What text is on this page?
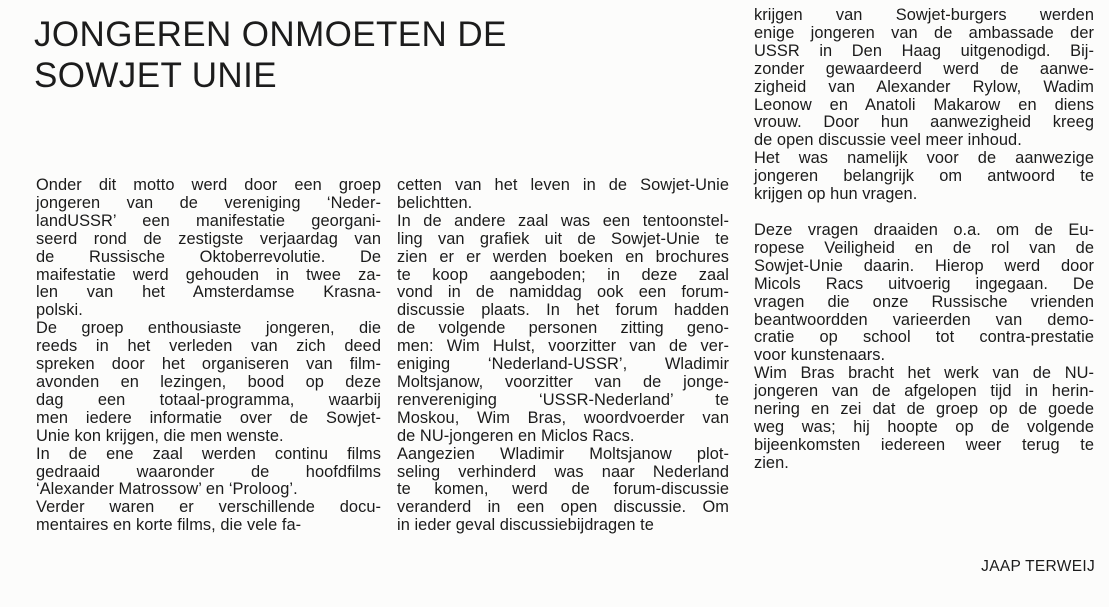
JONGEREN ONMOETEN DE
SOWJET UNIE
Onder dit motto werd door een groep
jongeren van de vereniging ‘Neder-
landUSSR’ een manifestatie georgani-
seerd rond de zestigste verjaardag van
de Russische Oktoberrevolutie. De
maifestatie werd gehouden in twee za-
len van het Amsterdamse Krasna-
polski.
De groep enthousiaste jongeren, die
reeds in het verleden van zich deed
spreken door het organiseren van film-
avonden en lezingen, bood op deze
dag een totaal-programma, waarbij
men iedere informatie over de Sowjet-
Unie kon krijgen, die men wenste.
In de ene zaal werden continu films
gedraaid waaronder de hoofdfilms
‘Alexander Matrossow’ en ‘Proloog’.
Verder waren er verschillende docu-
mentaires en korte films, die vele fa-
cetten van het leven in de Sowjet-Unie
belichtten.
In de andere zaal was een tentoonstel-
ling van grafiek uit de Sowjet-Unie te
zien er er werden boeken en brochures
te koop aangeboden; in deze zaal
vond in de namiddag ook een forum-
discussie plaats. In het forum hadden
de volgende personen zitting geno-
men: Wim Hulst, voorzitter van de ver-
eniging ‘Nederland-USSR’, Wladimir
Moltsjanow, voorzitter van de jonge-
renvereniging ‘USSR-Nederland’ te
Moskou, Wim Bras, woordvoerder van
de NU-jongeren en Miclos Racs.
Aangezien Wladimir Moltsjanow plot-
seling verhinderd was naar Nederland
te komen, werd de forum-discussie
veranderd in een open discussie. Om
in ieder geval discussiebijdragen te
krijgen van Sowjet-burgers werden
enige jongeren van de ambassade der
USSR in Den Haag uitgenodigd. Bij-
zonder gewaardeerd werd de aanwe-
zigheid van Alexander Rylow, Wadim
Leonow en Anatoli Makarow en diens
vrouw. Door hun aanwezigheid kreeg
de open discussie veel meer inhoud.
Het was namelijk voor de aanwezige
jongeren belangrijk om antwoord te
krijgen op hun vragen.
Deze vragen draaiden o.a. om de Eu-
ropese Veiligheid en de rol van de
Sowjet-Unie daarin. Hierop werd door
Micols Racs uitvoerig ingegaan. De
vragen die onze Russische vrienden
beantwoordden varieerden van demo-
cratie op school tot contra-prestatie
voor kunstenaars.
Wim Bras bracht het werk van de NU-
jongeren van de afgelopen tijd in herin-
nering en zei dat de groep op de goede
weg was; hij hoopte op de volgende
bijeenkomsten iedereen weer terug te
zien.
JAAP TERWEIJ
